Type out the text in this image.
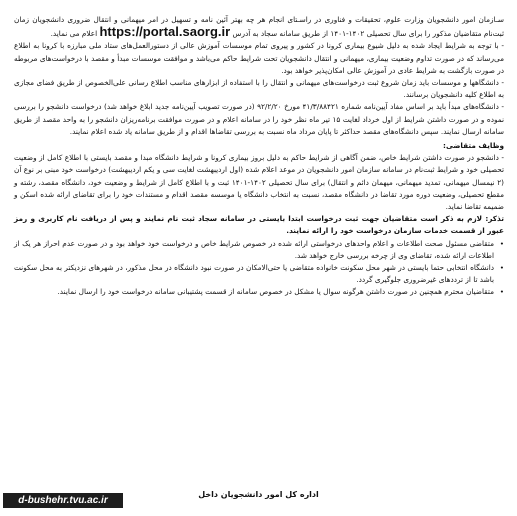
سـازمان امور دانشجویان وزارت علوم، تحقیقات و فناوری در راسـتای انجام هر چه بهتر آئین نامه و تسهیل در امر میهمانی و انتقال ضروری دانشجویان زمان ثبت‌نام متقاضیان مذکور را برای سال تحصیلی ۱۴۰۲-۱۴۰۱ از طریق سامانه سجاد به آدرس https://portal.saorg.ir اعلام می نماید.

- با توجه به شرایط ایجاد شده به دلیل شیوع بیماری کرونا در کشور و پیروی تمام موسسات آموزش عالی از دستورالعمل‌های ستاد ملی مبارزه با کرونا به اطلاع می‌رساند که در صورت تداوم وضعیت بیماری، میهمانی و انتقال دانشجویان تحت شرایط حاکم می‌باشد و موافقت موسسات مبدأ و مقصد با درخواست‌های مربوطه در صورت بازگشت به شرایط عادی در آموزش عالی امکان‌پذیر خواهد بود.

- دانشگاهها و موسسات باید زمان شروع ثبت درخواست‌های میهمانی و انتقال را با استفاده از ابزارهای مناسب اطلاع رسانی علی‌الخصوص از طریق فضای مجازی به اطلاع کلیه دانشجویان برسانند.

- دانشگاه‌های مبدأ باید بر اساس مفاد آیین‌نامه شماره ۴۱/۳/۸۸۴۲۱ مورخ ۹۲/۲/۲۰ (در صورت تصویب آیین‌نامه جدید ابلاغ خواهد شد) درخواست دانشجو را بررسی نموده و در صورت داشتن شرایط از اول خرداد لغایت ۱۵ تیر ماه نظر خود را در سامانه اعلام و در صورت موافقت برنامه‌ریزان دانشجو را به واحد مقصد از طریق سامانه ارسال نمایند. سپس دانشگاه‌های مقصد حداکثر تا پایان مرداد ماه نسبت به بررسی تقاضاها اقدام و از طریق سامانه یاد شده اعلام نمایند.

وظایف متقاضی:

- دانشجو در صورت داشتن شرایط خاص، ضمن آگاهی از شرایط حاکم به دلیل بروز بیماری کرونا و شرایط دانشگاه مبدا و مقصد بایستی با اطلاع کامل از وضعیت تحصیلی خود و شرایط ثبت‌نام در سامانه سازمان امور دانشجویان در موعد اعلام شده (اول اردیبهشت لغایت سی و یکم اردیبهشت) درخواست خود مبنی بر نوع آن (۲ نیمسال میهمانی، تمدید میهمانی، میهمان دائم و انتقال) برای سال تحصیلی ۱۴۰۲-۱۴۰۱ ثبت و با اطلاع کامل از شرایط و وضعیت خود، دانشگاه مقصد، رشته و مقطع تحصیلی، وضعیت دوره مورد تقاضا در دانشگاه مقصد، نسبت به انتخاب دانشگاه یا موسسه مقصد اقدام و مستندات خود را برای تقاضای ارائه شده اسکن و ضمیمه تقاضا نماید.

تذکر: لازم به ذکر است متقاضیان جهت ثبت درخواست ابتدا بایستی در سامانه سجاد ثبت نام نمایند و پس از دریافت نام کاربری و رمز عبور از قسمت خدمات سازمان درخواست خود را ارائه نمایند.

• متقاضی مسئول صحت اطلاعات و اعلام واحدهای درخواستی ارائه شده در خصوص شرایط خاص و درخواست خود خواهد بود و در صورت عدم احراز هر یک از اطلاعات ارائه شده، تقاضای وی از چرخه بررسی خارج خواهد شد.
• دانشگاه انتخابی حتما بایستی در شهر محل سکونت خانواده متقاضی یا حتی‌الامکان در صورت نبود دانشگاه در محل مذکور، در شهرهای نزدیکتر به محل سکونت باشد تا از ترددهای غیرضروری جلوگیری گردد.
• متقاضیان محترم همچنین در صورت داشتن هرگونه سوال یا مشکل در خصوص سامانه از قسمت پشتیبانی سامانه درخواست خود را ارسال نمایند.
اداره کل امور دانشجویان داخل
d-bushehr.tvu.ac.ir
